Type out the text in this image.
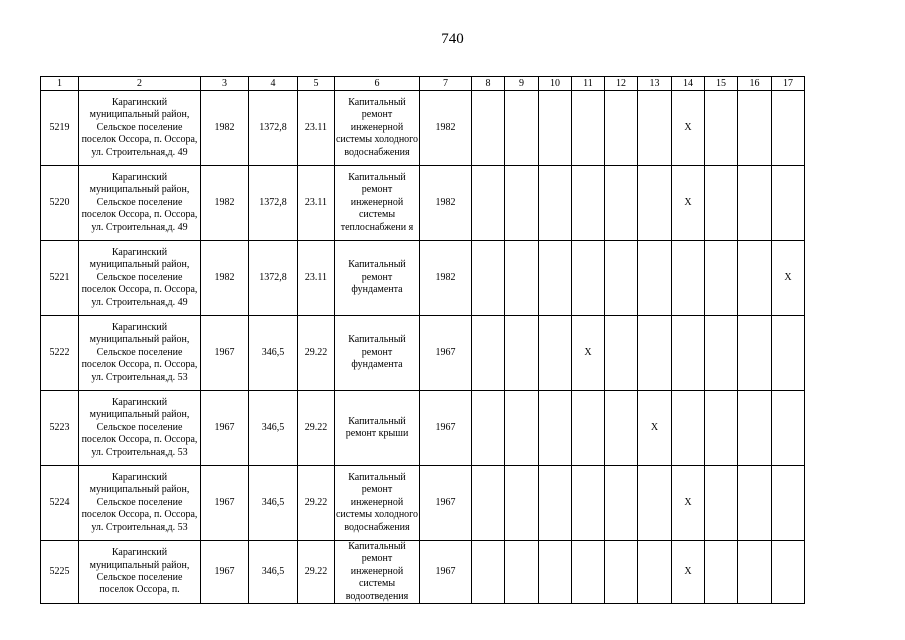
740
1	2	3	4	5	6	7	8	9	10	11	12	13	14	15	16	17

5219	Карагинский муниципальный район, Сельское поселение поселок Оссора, п. Оссора, ул. Строительная,д. 49	1982	1372,8	23.11	Капитальный ремонт инженерной системы холодного водоснабжения	1982							X			

5220	Карагинский муниципальный район, Сельское поселение поселок Оссора, п. Оссора, ул. Строительная,д. 49	1982	1372,8	23.11	Капитальный ремонт инженерной системы теплоснабжени я	1982							X			

5221	Карагинский муниципальный район, Сельское поселение поселок Оссора, п. Оссора, ул. Строительная,д. 49	1982	1372,8	23.11	Капитальный ремонт фундамента	1982										X

5222	Карагинский муниципальный район, Сельское поселение поселок Оссора, п. Оссора, ул. Строительная,д. 53	1967	346,5	29.22	Капитальный ремонт фундамента	1967				X						

5223	Карагинский муниципальный район, Сельское поселение поселок Оссора, п. Оссора, ул. Строительная,д. 53	1967	346,5	29.22	Капитальный ремонт крыши	1967						X				

5224	Карагинский муниципальный район, Сельское поселение поселок Оссора, п. Оссора, ул. Строительная,д. 53	1967	346,5	29.22	Капитальный ремонт инженерной системы холодного водоснабжения	1967							X			

5225	Карагинский муниципальный район, Сельское поселение поселок Оссора, п.	1967	346,5	29.22	Капитальный ремонт инженерной системы водоотведения	1967							X			
